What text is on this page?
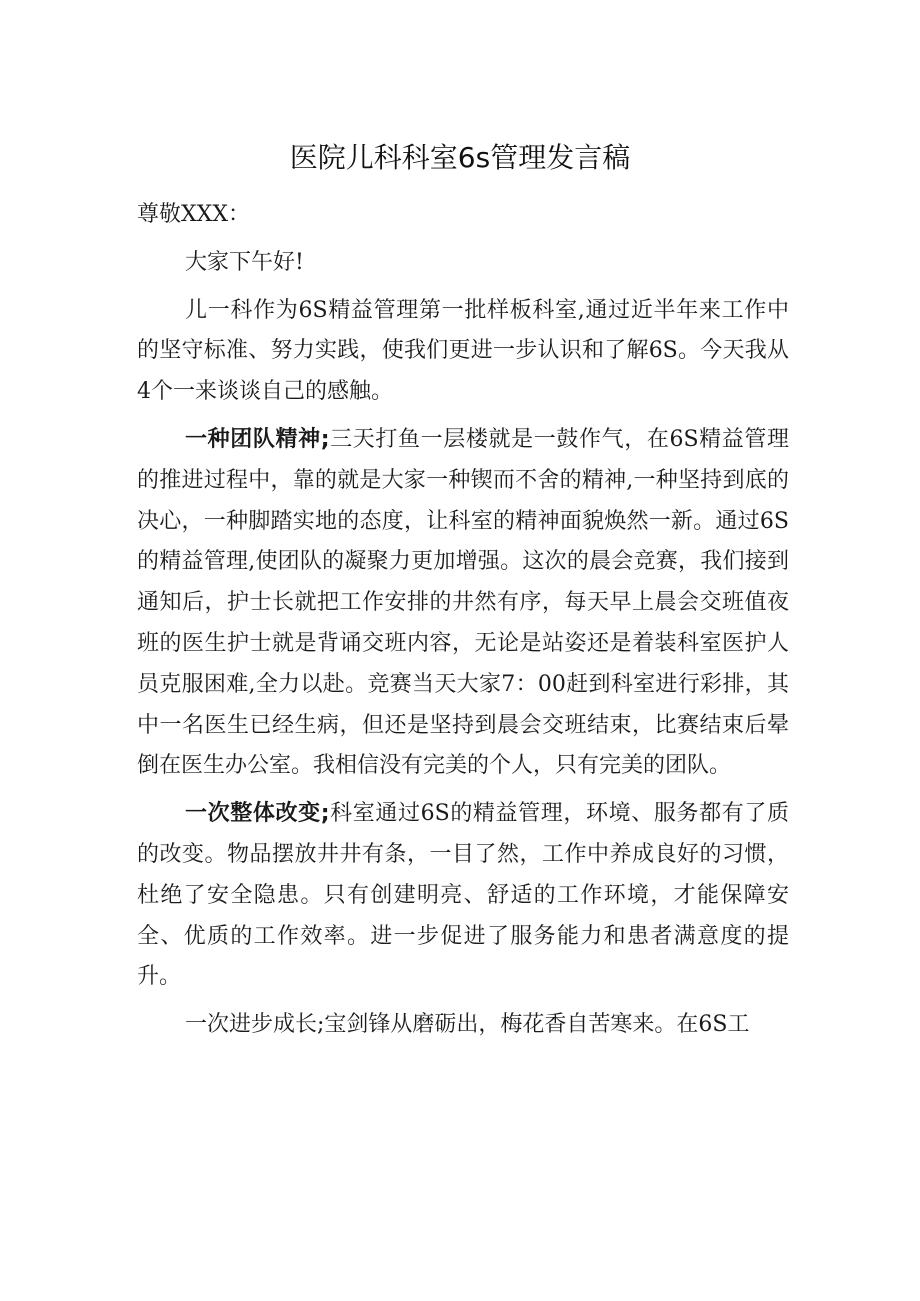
医院儿科科室6s管理发言稿

尊敬XXX：

大家下午好!

儿一科作为6S精益管理第一批样板科室,通过近半年来工作中的坚守标准、努力实践，使我们更进一步认识和了解6S。今天我从4个一来谈谈自己的感触。

一种团队精神;三天打鱼一层楼就是一鼓作气，在6S精益管理的推进过程中，靠的就是大家一种锲而不舍的精神,一种坚持到底的决心，一种脚踏实地的态度，让科室的精神面貌焕然一新。通过6S的精益管理,使团队的凝聚力更加增强。这次的晨会竞赛，我们接到通知后，护士长就把工作安排的井然有序，每天早上晨会交班值夜班的医生护士就是背诵交班内容，无论是站姿还是着装科室医护人员克服困难,全力以赴。竞赛当天大家7：00赶到科室进行彩排，其中一名医生已经生病，但还是坚持到晨会交班结束，比赛结束后晕倒在医生办公室。我相信没有完美的个人，只有完美的团队。

一次整体改变;科室通过6S的精益管理，环境、服务都有了质的改变。物品摆放井井有条，一目了然，工作中养成良好的习惯，杜绝了安全隐患。只有创建明亮、舒适的工作环境，才能保障安全、优质的工作效率。进一步促进了服务能力和患者满意度的提升。

一次进步成长;宝剑锋从磨砺出，梅花香自苦寒来。在6S工
